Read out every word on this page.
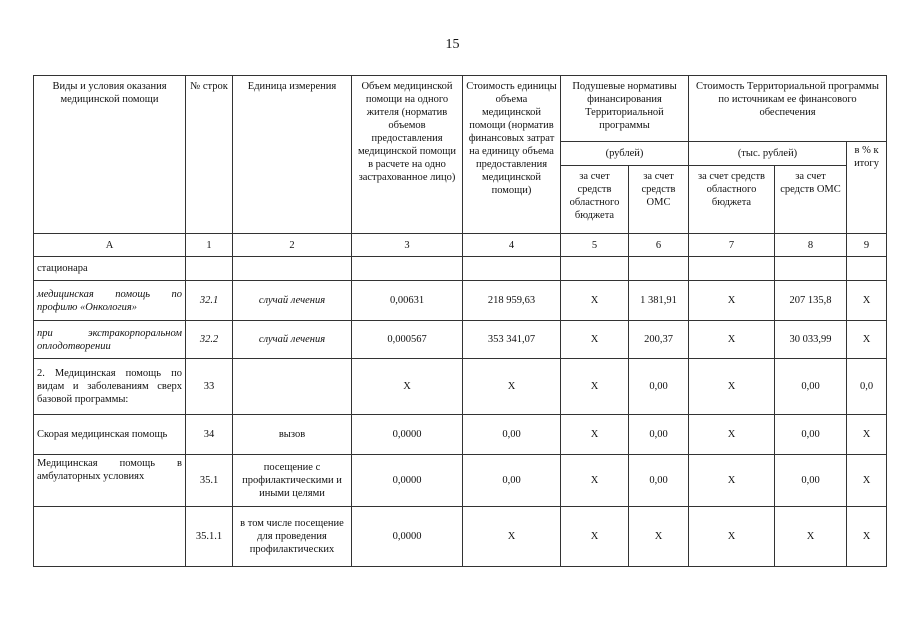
15
Виды и условия оказания медицинской помощи	№ строк	Единица измерения	Объем медицинской помощи на одного жителя (норматив объемов предоставления медицинской помощи в расчете на одно застрахованное лицо)	Стоимость единицы объема медицинской помощи (норматив финансовых затрат на единицу объема предоставления медицинской помощи)	Подушевые нормативы финансирования Территориальной программы		Стоимость Территориальной программы по источникам ее финансового обеспечения		
					(рублей)		(тыс. рублей)		в % к итогу
					за счет средств областного бюджета	за счет средств ОМС	за счет средств областного бюджета	за счет средств ОМС	
А	1	2	3	4	5	6	7	8	9
стационара									
медицинская помощь по профилю «Онкология»	32.1	случай лечения	0,00631	218 959,63	Х	1 381,91	Х	207 135,8	Х
при экстракорпоральном оплодотворении	32.2	случай лечения	0,000567	353 341,07	Х	200,37	Х	30 033,99	Х
2. Медицинская помощь по видам и заболеваниям сверх базовой программы:	33		Х	Х	Х	0,00	Х	0,00	0,0
Скорая медицинская помощь	34	вызов	0,0000	0,00	Х	0,00	Х	0,00	Х
Медицинская помощь в амбулаторных условиях	35.1	посещение с профилактическими и иными целями	0,0000	0,00	Х	0,00	Х	0,00	Х
	35.1.1	в том числе посещение для проведения профилактических	0,0000	Х	Х	Х	Х	Х	Х
